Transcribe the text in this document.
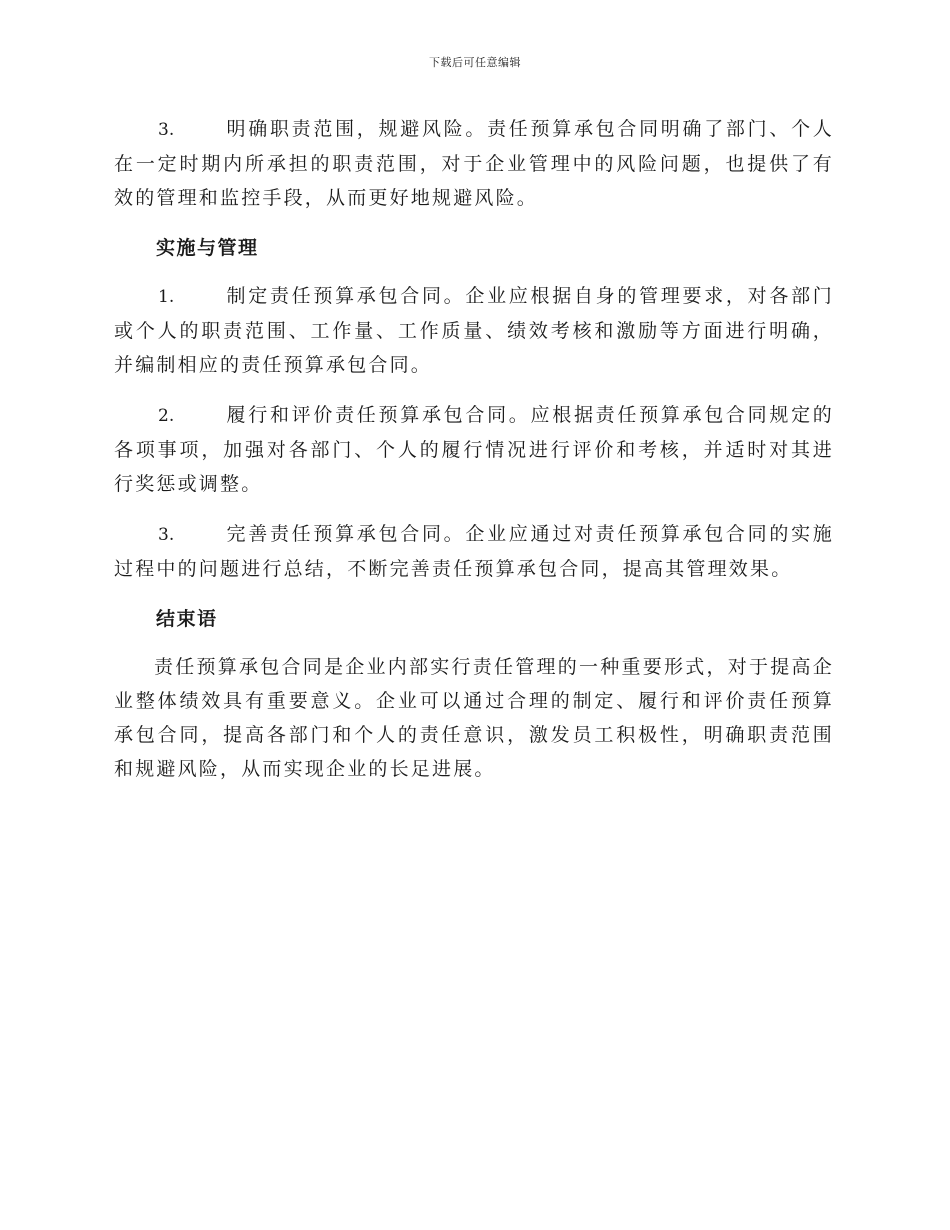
下载后可任意编辑

3.	明确职责范围，规避风险。责任预算承包合同明确了部门、个人在一定时期内所承担的职责范围，对于企业管理中的风险问题，也提供了有效的管理和监控手段，从而更好地规避风险。

实施与管理

1.	制定责任预算承包合同。企业应根据自身的管理要求，对各部门或个人的职责范围、工作量、工作质量、绩效考核和激励等方面进行明确，并编制相应的责任预算承包合同。

2.	履行和评价责任预算承包合同。应根据责任预算承包合同规定的各项事项，加强对各部门、个人的履行情况进行评价和考核，并适时对其进行奖惩或调整。

3.	完善责任预算承包合同。企业应通过对责任预算承包合同的实施过程中的问题进行总结，不断完善责任预算承包合同，提高其管理效果。

结束语

责任预算承包合同是企业内部实行责任管理的一种重要形式，对于提高企业整体绩效具有重要意义。企业可以通过合理的制定、履行和评价责任预算承包合同，提高各部门和个人的责任意识，激发员工积极性，明确职责范围和规避风险，从而实现企业的长足进展。
